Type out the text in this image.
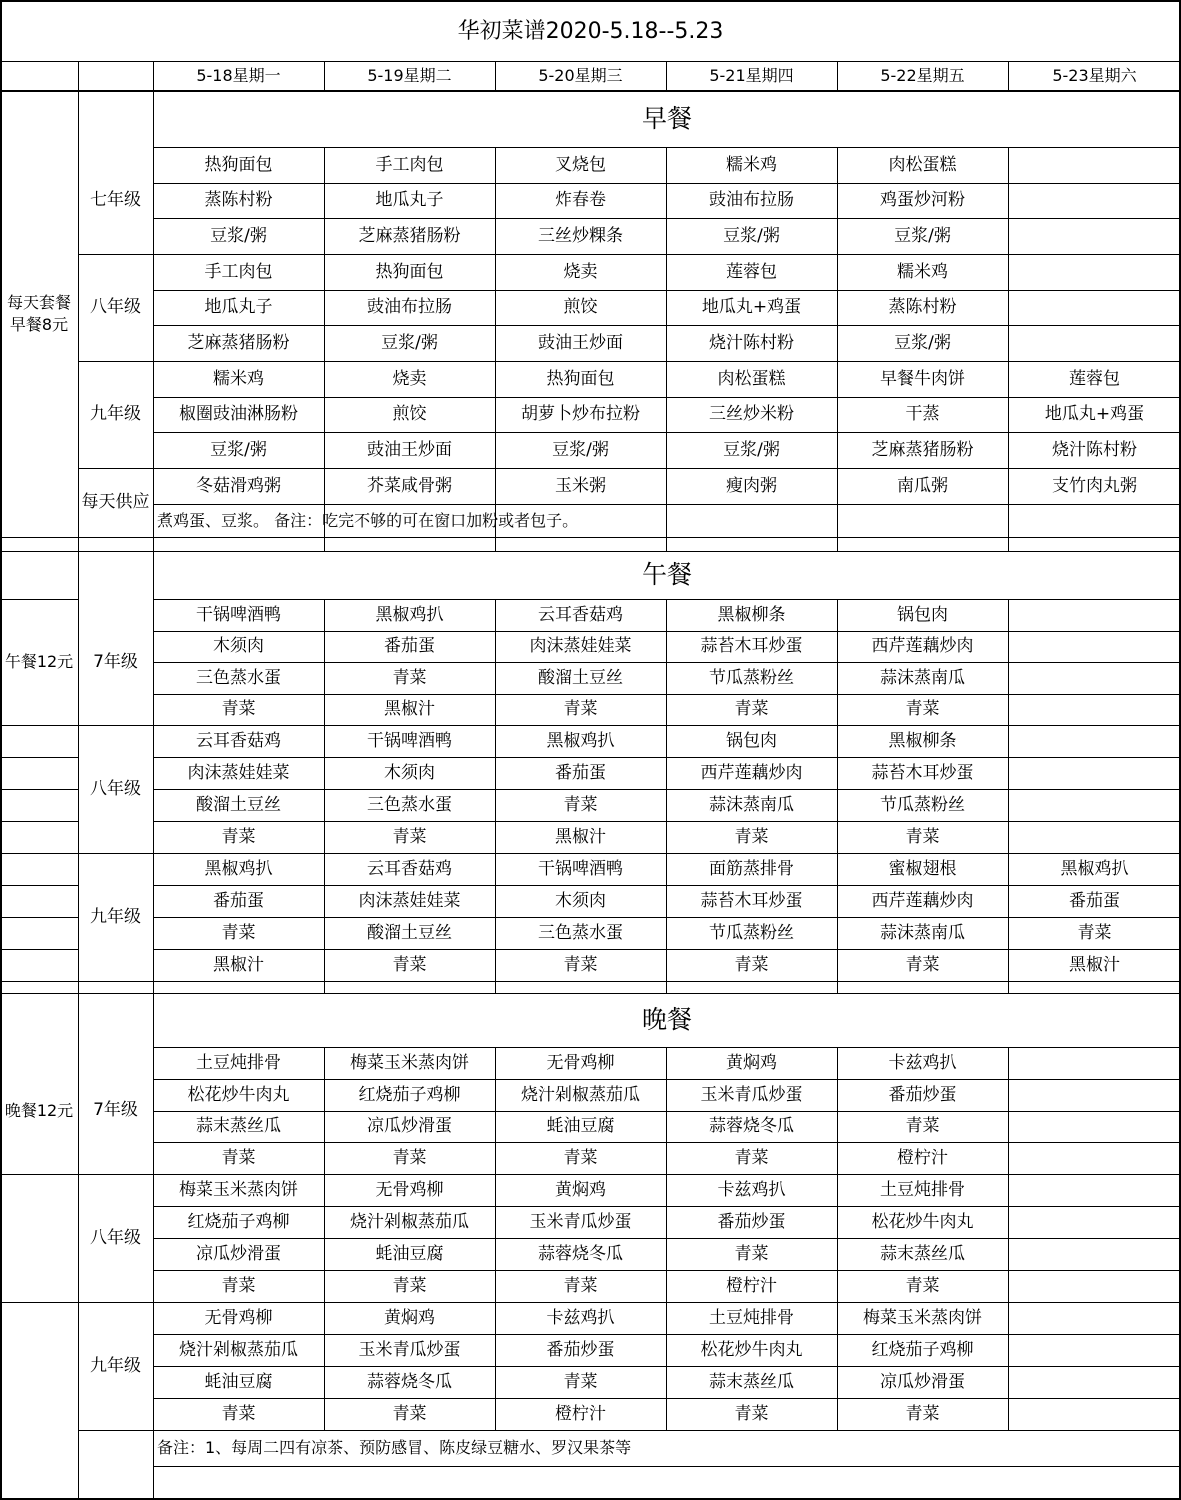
华初菜谱2020-5.18--5.23
5-18星期一	5-19星期二	5-20星期三	5-21星期四	5-22星期五	5-23星期六
早餐
每天套餐早餐8元
七年级
热狗面包	手工肉包	叉烧包	糯米鸡	肉松蛋糕
蒸陈村粉	地瓜丸子	炸春卷	豉油布拉肠	鸡蛋炒河粉
豆浆/粥	芝麻蒸猪肠粉	三丝炒粿条	豆浆/粥	豆浆/粥
八年级
手工肉包	热狗面包	烧卖	莲蓉包	糯米鸡
地瓜丸子	豉油布拉肠	煎饺	地瓜丸+鸡蛋	蒸陈村粉
芝麻蒸猪肠粉	豆浆/粥	豉油王炒面	烧汁陈村粉	豆浆/粥
九年级
糯米鸡	烧卖	热狗面包	肉松蛋糕	早餐牛肉饼	莲蓉包
椒圈豉油淋肠粉	煎饺	胡萝卜炒布拉粉	三丝炒米粉	干蒸	地瓜丸+鸡蛋
豆浆/粥	豉油王炒面	豆浆/粥	豆浆/粥	芝麻蒸猪肠粉	烧汁陈村粉
每天供应
冬菇滑鸡粥	芥菜咸骨粥	玉米粥	瘦肉粥	南瓜粥	支竹肉丸粥
煮鸡蛋、豆浆。 备注：吃完不够的可在窗口加粉或者包子。
午餐
午餐12元	7年级
干锅啤酒鸭	黑椒鸡扒	云耳香菇鸡	黑椒柳条	锅包肉
木须肉	番茄蛋	肉沫蒸娃娃菜	蒜苔木耳炒蛋	西芹莲藕炒肉
三色蒸水蛋	青菜	酸溜土豆丝	节瓜蒸粉丝	蒜沫蒸南瓜
青菜	黑椒汁	青菜	青菜	青菜
八年级
云耳香菇鸡	干锅啤酒鸭	黑椒鸡扒	锅包肉	黑椒柳条
肉沫蒸娃娃菜	木须肉	番茄蛋	西芹莲藕炒肉	蒜苔木耳炒蛋
酸溜土豆丝	三色蒸水蛋	青菜	蒜沫蒸南瓜	节瓜蒸粉丝
青菜	青菜	黑椒汁	青菜	青菜
九年级
黑椒鸡扒	云耳香菇鸡	干锅啤酒鸭	面筋蒸排骨	蜜椒翅根	黑椒鸡扒
番茄蛋	肉沫蒸娃娃菜	木须肉	蒜苔木耳炒蛋	西芹莲藕炒肉	番茄蛋
青菜	酸溜土豆丝	三色蒸水蛋	节瓜蒸粉丝	蒜沫蒸南瓜	青菜
黑椒汁	青菜	青菜	青菜	青菜	黑椒汁
晚餐
晚餐12元	7年级
土豆炖排骨	梅菜玉米蒸肉饼	无骨鸡柳	黄焖鸡	卡兹鸡扒
松花炒牛肉丸	红烧茄子鸡柳	烧汁剁椒蒸茄瓜	玉米青瓜炒蛋	番茄炒蛋
蒜末蒸丝瓜	凉瓜炒滑蛋	蚝油豆腐	蒜蓉烧冬瓜	青菜
青菜	青菜	青菜	青菜	橙柠汁
八年级
梅菜玉米蒸肉饼	无骨鸡柳	黄焖鸡	卡兹鸡扒	土豆炖排骨
红烧茄子鸡柳	烧汁剁椒蒸茄瓜	玉米青瓜炒蛋	番茄炒蛋	松花炒牛肉丸
凉瓜炒滑蛋	蚝油豆腐	蒜蓉烧冬瓜	青菜	蒜末蒸丝瓜
青菜	青菜	青菜	橙柠汁	青菜
九年级
无骨鸡柳	黄焖鸡	卡兹鸡扒	土豆炖排骨	梅菜玉米蒸肉饼
烧汁剁椒蒸茄瓜	玉米青瓜炒蛋	番茄炒蛋	松花炒牛肉丸	红烧茄子鸡柳
蚝油豆腐	蒜蓉烧冬瓜	青菜	蒜末蒸丝瓜	凉瓜炒滑蛋
青菜	青菜	橙柠汁	青菜	青菜
备注：1、每周二四有凉茶、预防感冒、陈皮绿豆糖水、罗汉果茶等
